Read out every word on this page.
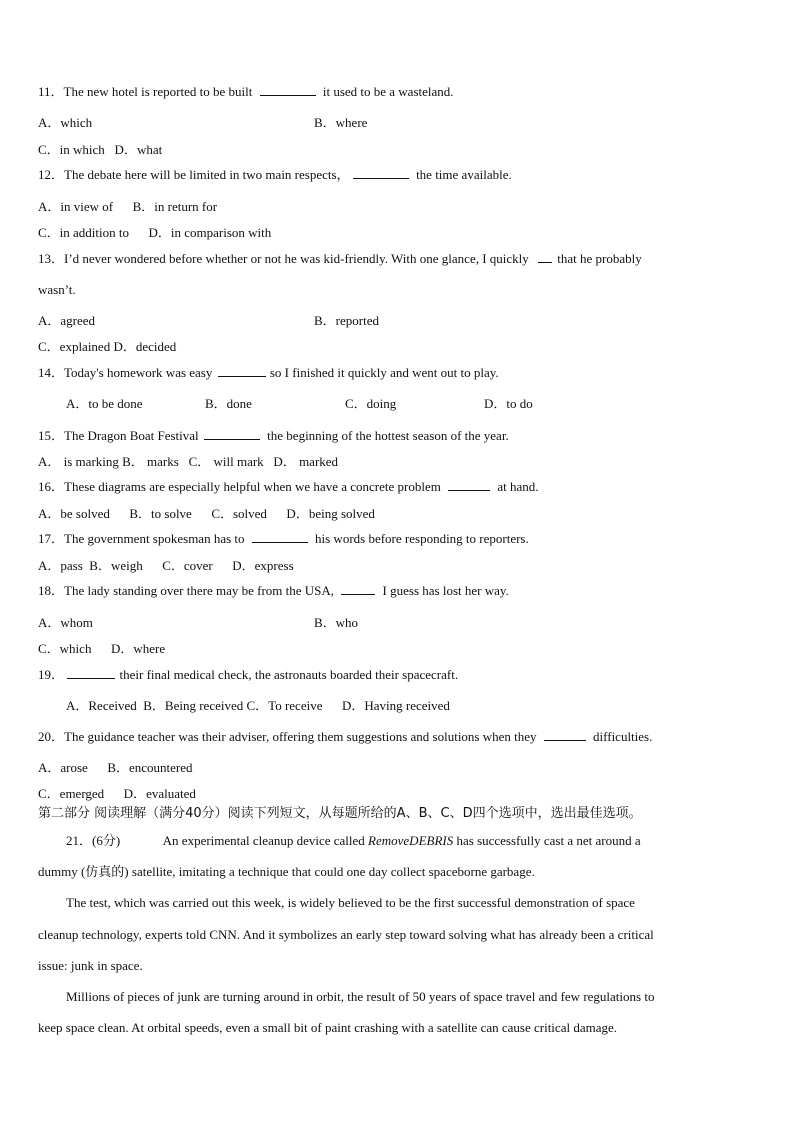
11．The new hotel is reported to be built	it used to be a wasteland.
A．which	B．where
C．in which   D．what
12．The debate here will be limited in two main respects，	the time available.
A．in view of      B．in return for
C．in addition to      D．in comparison with
13．I’d never wondered before whether or not he was kid-friendly. With one glance, I quickly that he probably
wasn’t.
A．agreed	B．reported
C．explained D．decided
14．Today's homework was easy	so I finished it quickly and went out to play.
A．to be done	B．done	C．doing	D．to do
15．The Dragon Boat Festival	the beginning of the hottest season of the year.
A． is marking B． marks   C． will mark   D． marked
16．These diagrams are especially helpful when we have a concrete problem	at hand.
A．be solved      B．to solve      C．solved      D．being solved
17．The government spokesman has to	his words before responding to reporters.
A．pass  B．weigh      C．cover      D．express
18．The lady standing over there may be from the USA,	I guess has lost her way.
A．whom	B．who
C．which      D．where
19．	their final medical check, the astronauts boarded their spacecraft.
A．Received  B．Being received C．To receive      D．Having received
20．The guidance teacher was their adviser, offering them suggestions and solutions when they	difficulties.
A．arose      B．encountered
C．emerged      D．evaluated
第二部分 阅读理解（满分40分）阅读下列短文，从每题所给的A、B、C、D四个选项中，选出最佳选项。
21．(6分)	An experimental cleanup device called RemoveDEBRIS has successfully cast a net around a
dummy (仿真的) satellite, imitating a technique that could one day collect spaceborne garbage.
The test, which was carried out this week, is widely believed to be the first successful demonstration of space
cleanup technology, experts told CNN. And it symbolizes an early step toward solving what has already been a critical
issue: junk in space.
Millions of pieces of junk are turning around in orbit, the result of 50 years of space travel and few regulations to
keep space clean. At orbital speeds, even a small bit of paint crashing with a satellite can cause critical damage.
